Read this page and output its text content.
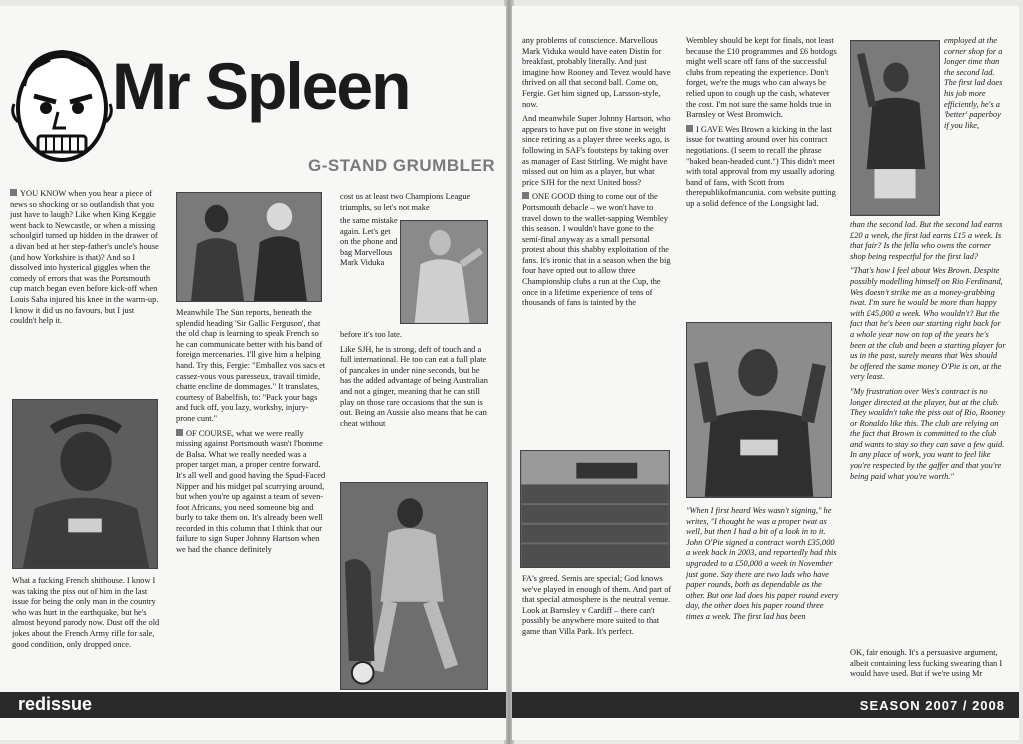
Mr Spleen
G-STAND GRUMBLER

YOU KNOW when you hear a piece of news so shocking or so outlandish that you just have to laugh? Like when King Keggie went back to Newcastle, or when a missing schoolgirl turned up hidden in the drawer of a divan bed at her step-father's uncle's house (and how Yorkshire is that)? And so I dissolved into hysterical giggles when the comedy of errors that was the Portsmouth cup match began even before kick-off when Louis Saha injured his knee in the warm-up. I know it did us no favours, but I just couldn't help it.

What a fucking French shithouse. I know I was taking the piss out of him in the last issue for being the only man in the country who was hurt in the earthquake, but he's almost beyond parody now. Dust off the old jokes about the French Army rifle for sale, good condition, only dropped once.

Meanwhile The Sun reports, beneath the splendid heading 'Sir Gallic Ferguson', that the old chap is learning to speak French so he can communicate better with his band of foreign mercenaries. I'll give him a helping hand. Try this, Fergie: "Emballez vos sacs et cassez-vous vous paresseux, travail timide, chatte encline de dommages." It translates, courtesy of Babelfish, to: "Pack your bags and fuck off, you lazy, workshy, injury-prone cunt."

OF COURSE, what we were really missing against Portsmouth wasn't l'homme de Balsa. What we really needed was a proper target man, a proper centre forward. It's all well and good having the Spud-Faced Nipper and his midget pal scurrying around, but when you're up against a team of seven-foot Africans, you need someone big and burly to take them on. It's already been well recorded in this column that I think that our failure to sign Super Johnny Hartson when we had the chance definitely

cost us at least two Champions League triumphs, so let's not make

the same mistake again. Let's get on the phone and bag Marvellous Mark Viduka

before it's too late.

Like SJH, he is strong, deft of touch and a full international. He too can eat a full plate of pancakes in under nine seconds, but he has the added advantage of being Australian and not a ginger, meaning that he can still play on those rare occasions that the sun is out. Being an Aussie also means that he can cheat without

redissue

any problems of conscience. Marvellous Mark Viduka would have eaten Distin for breakfast, probably literally. And just imagine how Rooney and Tevez would have thrived on all that second ball. Come on, Fergie. Get him signed up, Larsson-style, now.

And meanwhile Super Johnny Hartson, who appears to have put on five stone in weight since retiring as a player three weeks ago, is following in SAF's footsteps by taking over as manager of East Stirling. We might have missed out on him as a player, but what price SJH for the next United boss?

ONE GOOD thing to come out of the Portsmouth debacle – we won't have to travel down to the wallet-sapping Wembley this season. I wouldn't have gone to the semi-final anyway as a small personal protest about this shabby exploitation of the fans. It's ironic that in a season when the big four have opted out to allow three Championship clubs a run at the Cup, the once in a lifetime experience of tens of thousands of fans is tainted by the

FA's greed. Semis are special; God knows we've played in enough of them. And part of that special atmosphere is the neutral venue. Look at Barnsley v Cardiff – there can't possibly be anywhere more suited to that game than Villa Park. It's perfect.

Wembley should be kept for finals, not least because the £10 programmes and £6 hotdogs might well scare off fans of the successful clubs from repeating the experience. Don't forget, we're the mugs who can always be relied upon to cough up the cash, whatever the cost. I'm not sure the same holds true in Barnsley or West Bromwich.

I GAVE Wes Brown a kicking in the last issue for twatting around over his contract negotiations. (I seem to recall the phrase "baked bean-headed cunt.") This didn't meet with total approval from my usually adoring band of fans, with Scott from therepublikofmancunia. com website putting up a solid defence of the Longsight lad.

"When I first heard Wes wasn't signing," he writes, "I thought he was a proper twat as well, but then I had a bit of a look in to it. John O'Pie signed a contract worth £35,000 a week back in 2003, and reportedly had this upgraded to a £50,000 a week in November just gone. Say there are two lads who have paper rounds, both as dependable as the other. But one lad does his paper round every day, the other does his paper round three times a week. The first lad has been

employed at the corner shop for a longer time than the second lad. The first lad does his job more efficiently, he's a 'better' paperboy if you like,

than the second lad. But the second lad earns £20 a week, the first lad earns £15 a week. Is that fair? Is the fella who owns the corner shop being respectful for the first lad?

"That's how I feel about Wes Brown. Despite possibly modelling himself on Rio Ferdinand, Wes doesn't strike me as a money-grabbing twat. I'm sure he would be more than happy with £45,000 a week. Who wouldn't? But the fact that he's been our starting right back for a whole year now on top of the years he's been at the club and been a starting player for us in the past, surely means that Wes should be offered the same money O'Pie is on, at the very least.

"My frustration over Wes's contract is no longer directed at the player, but at the club. They wouldn't take the piss out of Rio, Rooney or Ronaldo like this. The club are relying on the fact that Brown is committed to the club and wants to stay so they can save a few quid. In any place of work, you want to feel like you're respected by the gaffer and that you're being paid what you're worth."

OK, fair enough. It's a persuasive argument, albeit containing less fucking swearing than I would have used. But if we're using Mr

SEASON 2007 / 2008
